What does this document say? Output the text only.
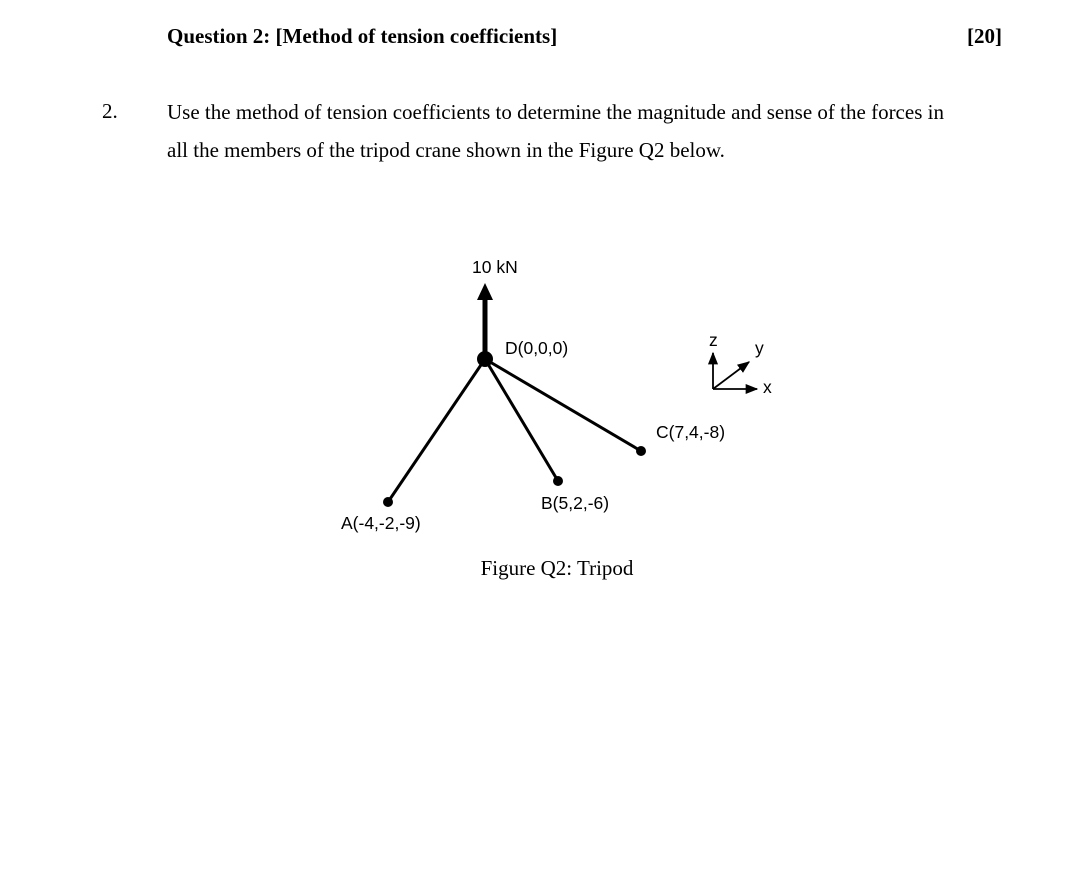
Question 2: [Method of tension coefficients]	[20]
2. Use the method of tension coefficients to determine the magnitude and sense of the forces in all the members of the tripod crane shown in the Figure Q2 below.
10 kN
D(0,0,0)
A(-4,-2,-9)
B(5,2,-6)
C(7,4,-8)
z y
x
Figure Q2: Tripod
